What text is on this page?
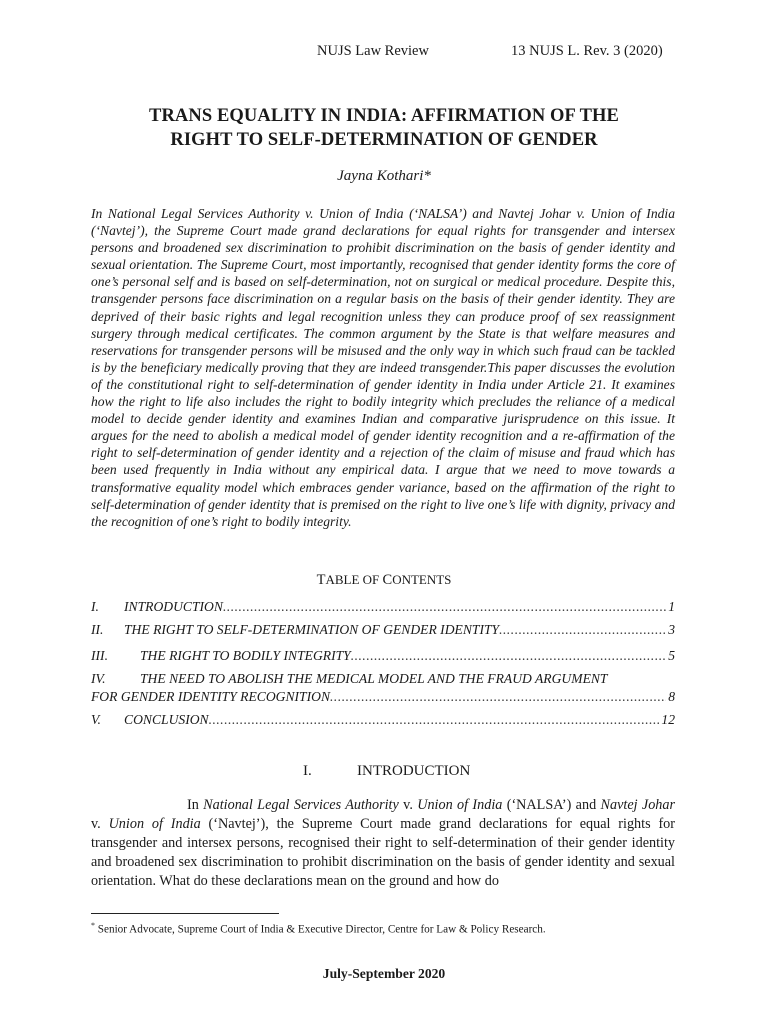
NUJS Law Review	13 NUJS L. Rev. 3 (2020)
TRANS EQUALITY IN INDIA: AFFIRMATION OF THE
RIGHT TO SELF-DETERMINATION OF GENDER
Jayna Kothari*
In National Legal Services Authority v. Union of India (‘NALSA’) and Navtej Johar v. Union of India (‘Navtej’), the Supreme Court made grand declarations for equal rights for transgender and intersex persons and broadened sex discrimination to prohibit discrimination on the basis of gender identity and sexual orientation. The Supreme Court, most importantly, recognised that gender identity forms the core of one’s personal self and is based on self-determination, not on surgical or medical procedure. Despite this, transgender persons face discrimination on a regular basis on the basis of their gender identity. They are deprived of their basic rights and legal recognition unless they can produce proof of sex reassignment surgery through medical certificates. The common argument by the State is that welfare measures and reservations for transgender persons will be misused and the only way in which such fraud can be tackled is by the beneficiary medically proving that they are indeed transgender.This paper discusses the evolution of the constitutional right to self-determination of gender identity in India under Article 21. It examines how the right to life also includes the right to bodily integrity which precludes the reliance of a medical model to decide gender identity and examines Indian and comparative jurisprudence on this issue. It argues for the need to abolish a medical model of gender identity recognition and a re-affirmation of the right to self-determination of gender identity and a rejection of the claim of misuse and fraud which has been used frequently in India without any empirical data. I argue that we need to move towards a transformative equality model which embraces gender variance, based on the affirmation of the right to self-determination of gender identity that is premised on the right to live one’s life with dignity, privacy and the recognition of one’s right to bodily integrity.
TABLE OF CONTENTS
I.	INTRODUCTION .....	1
II.	THE RIGHT TO SELF-DETERMINATION OF GENDER IDENTITY .....	3
III.	THE RIGHT TO BODILY INTEGRITY .....	5
IV.	THE NEED TO ABOLISH THE MEDICAL MODEL AND THE FRAUD ARGUMENT
FOR GENDER IDENTITY RECOGNITION .....	8
V.	CONCLUSION .....	12
I.	INTRODUCTION
In National Legal Services Authority v. Union of India (‘NALSA’) and Navtej Johar v. Union of India (‘Navtej’), the Supreme Court made grand declarations for equal rights for transgender and intersex persons, recognised their right to self-determination of their gender identity and broadened sex discrimination to prohibit discrimination on the basis of gender identity and sexual orientation. What do these declarations mean on the ground and how do
* Senior Advocate, Supreme Court of India & Executive Director, Centre for Law & Policy Research.
July-September 2020
